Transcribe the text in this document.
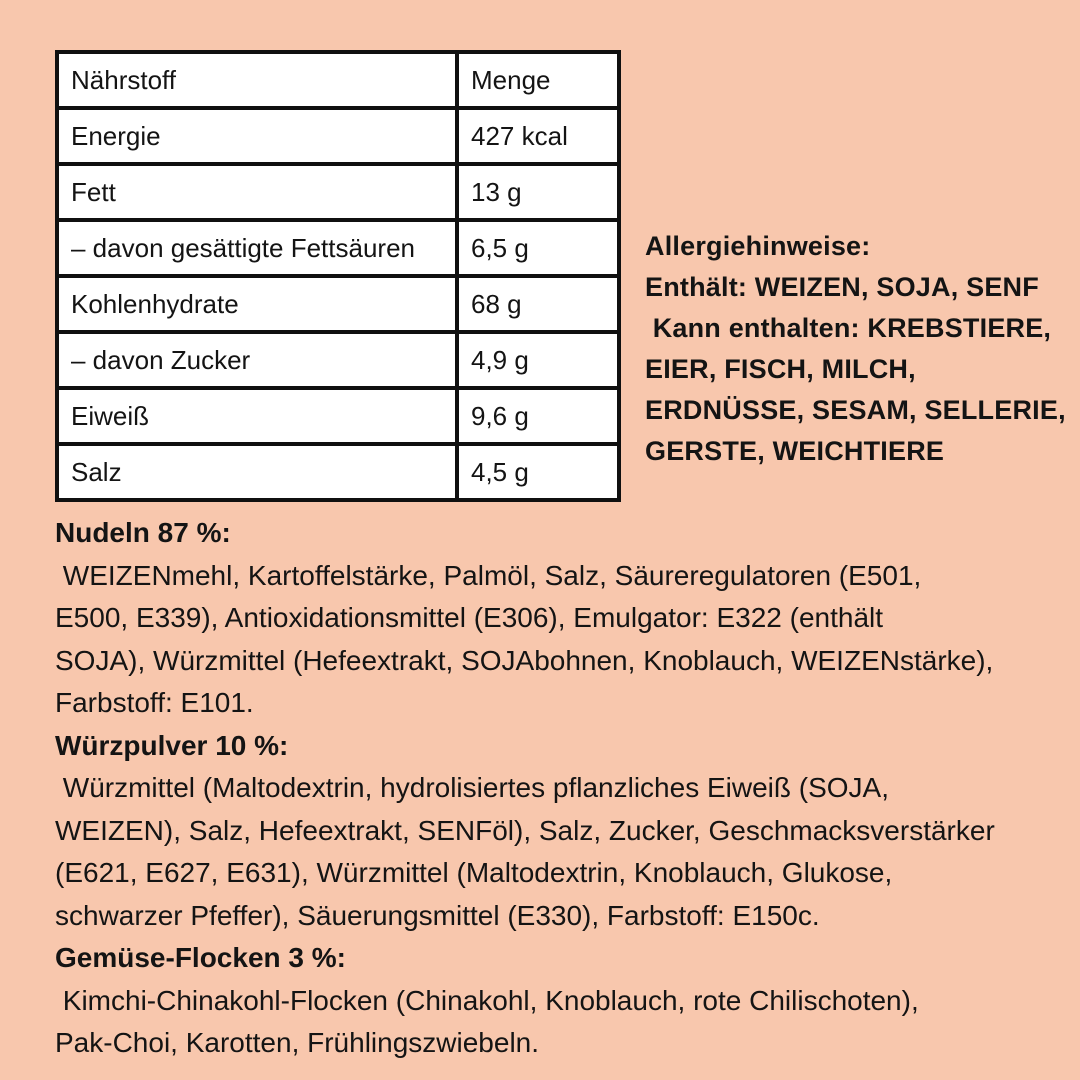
Nährstoff	Menge
Energie	427 kcal
Fett	13 g
– davon gesättigte Fettsäuren	6,5 g
Kohlenhydrate	68 g
– davon Zucker	4,9 g
Eiweiß	9,6 g
Salz	4,5 g
Allergiehinweise:
Enthält: WEIZEN, SOJA, SENF
Kann enthalten: KREBSTIERE,
EIER, FISCH, MILCH,
ERDNÜSSE, SESAM, SELLERIE,
GERSTE, WEICHTIERE
Nudeln 87 %:
WEIZENmehl, Kartoffelstärke, Palmöl, Salz, Säureregulatoren (E501,
E500, E339), Antioxidationsmittel (E306), Emulgator: E322 (enthält
SOJA), Würzmittel (Hefeextrakt, SOJAbohnen, Knoblauch, WEIZENstärke),
Farbstoff: E101.
Würzpulver 10 %:
Würzmittel (Maltodextrin, hydrolisiertes pflanzliches Eiweiß (SOJA,
WEIZEN), Salz, Hefeextrakt, SENFöl), Salz, Zucker, Geschmacksverstärker
(E621, E627, E631), Würzmittel (Maltodextrin, Knoblauch, Glukose,
schwarzer Pfeffer), Säuerungsmittel (E330), Farbstoff: E150c.
Gemüse-Flocken 3 %:
Kimchi-Chinakohl-Flocken (Chinakohl, Knoblauch, rote Chilischoten),
Pak-Choi, Karotten, Frühlingszwiebeln.
